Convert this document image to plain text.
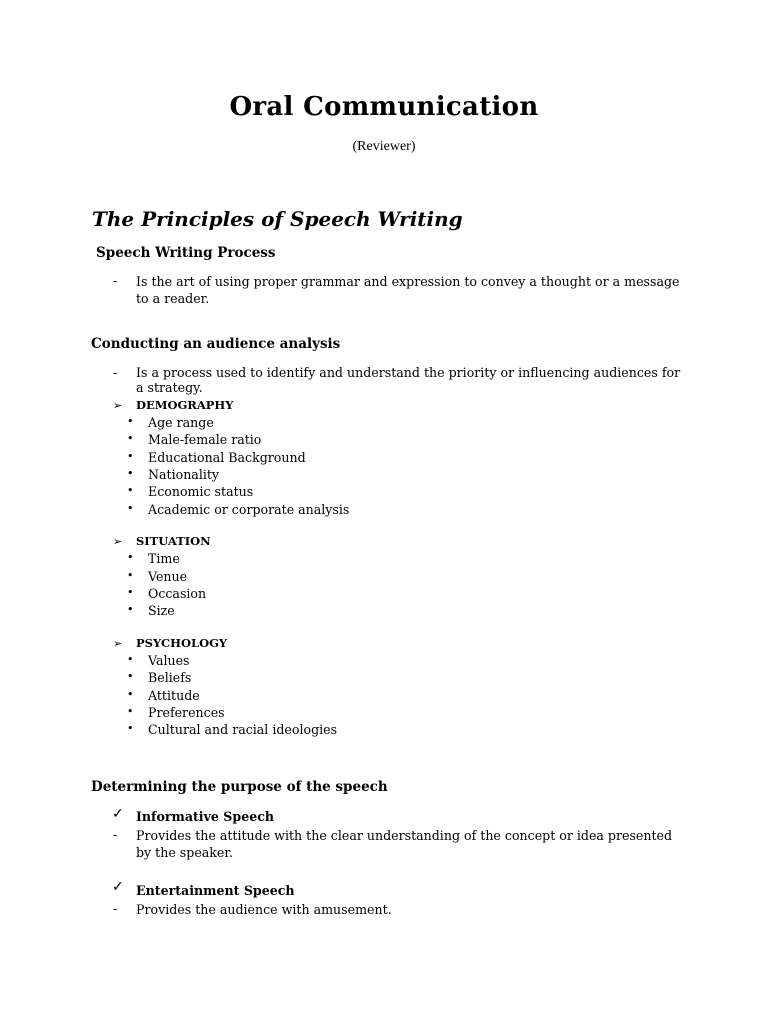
Oral Communication
(Reviewer)
The Principles of Speech Writing
Speech Writing Process
- Is the art of using proper grammar and expression to convey a thought or a message to a reader.
Conducting an audience analysis
- Is a process used to identify and understand the priority or influencing audiences for a strategy.
➢ DEMOGRAPHY
• Age range
• Male-female ratio
• Educational Background
• Nationality
• Economic status
• Academic or corporate analysis
➢ SITUATION
• Time
• Venue
• Occasion
• Size
➢ PSYCHOLOGY
• Values
• Beliefs
• Attitude
• Preferences
• Cultural and racial ideologies
Determining the purpose of the speech
✓ Informative Speech
- Provides the attitude with the clear understanding of the concept or idea presented by the speaker.
✓ Entertainment Speech
- Provides the audience with amusement.
